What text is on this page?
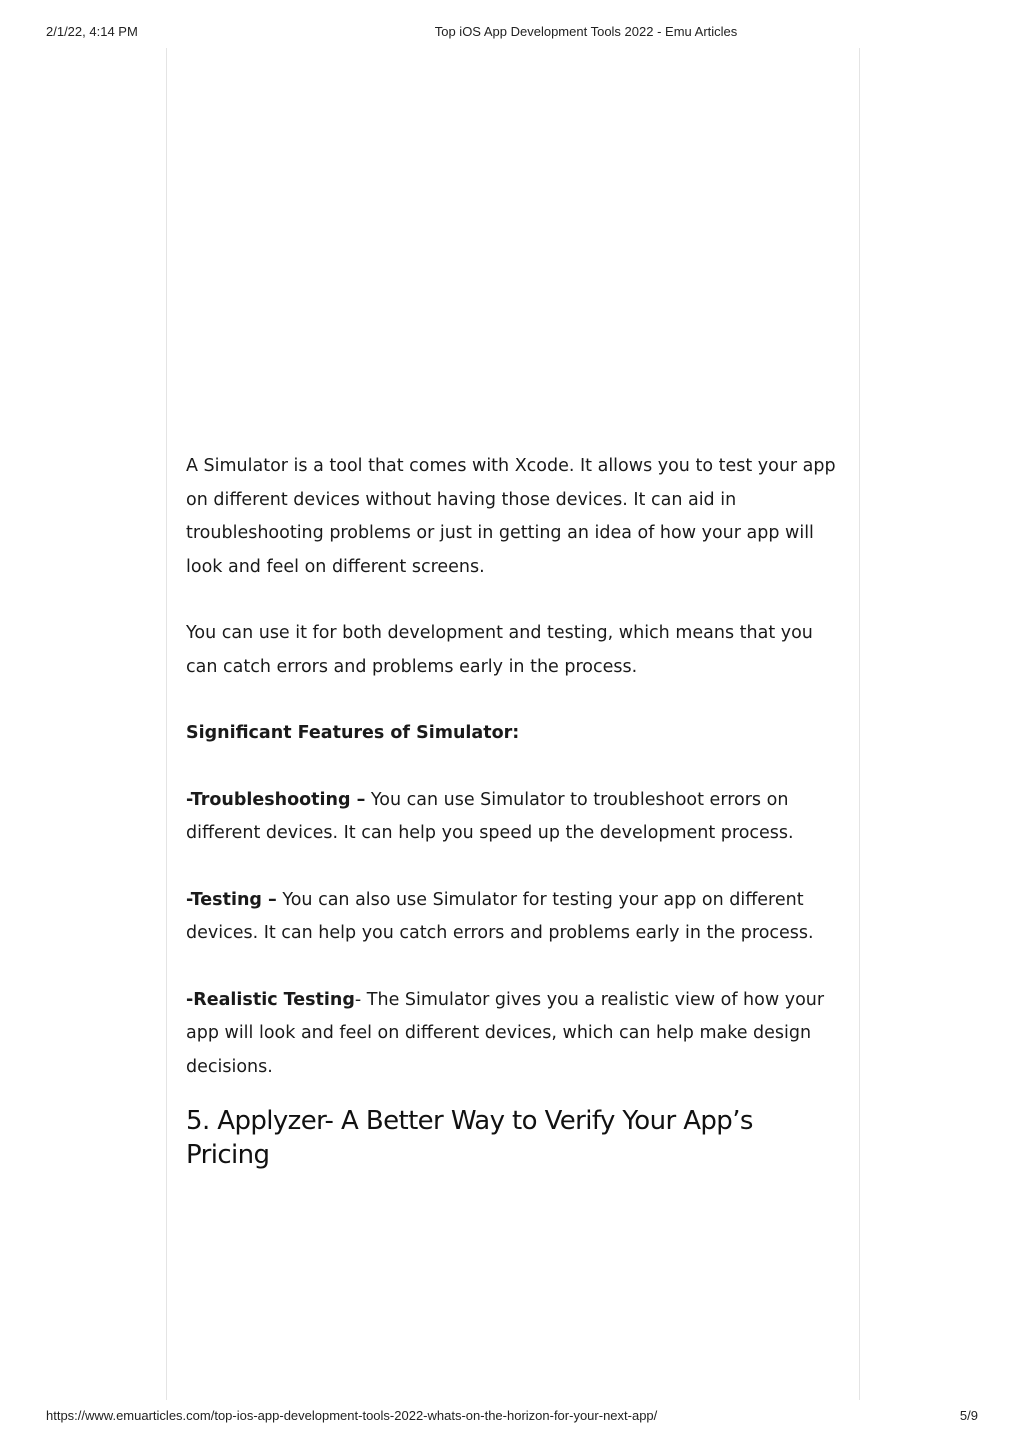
2/1/22, 4:14 PM	Top iOS App Development Tools 2022 - Emu Articles

A Simulator is a tool that comes with Xcode. It allows you to test your app on different devices without having those devices. It can aid in troubleshooting problems or just in getting an idea of how your app will look and feel on different screens.

You can use it for both development and testing, which means that you can catch errors and problems early in the process.

Significant Features of Simulator:

-Troubleshooting – You can use Simulator to troubleshoot errors on different devices. It can help you speed up the development process.

-Testing – You can also use Simulator for testing your app on different devices. It can help you catch errors and problems early in the process.

-Realistic Testing- The Simulator gives you a realistic view of how your app will look and feel on different devices, which can help make design decisions.

5. Applyzer- A Better Way to Verify Your App’s Pricing
https://www.emuarticles.com/top-ios-app-development-tools-2022-whats-on-the-horizon-for-your-next-app/	5/9
